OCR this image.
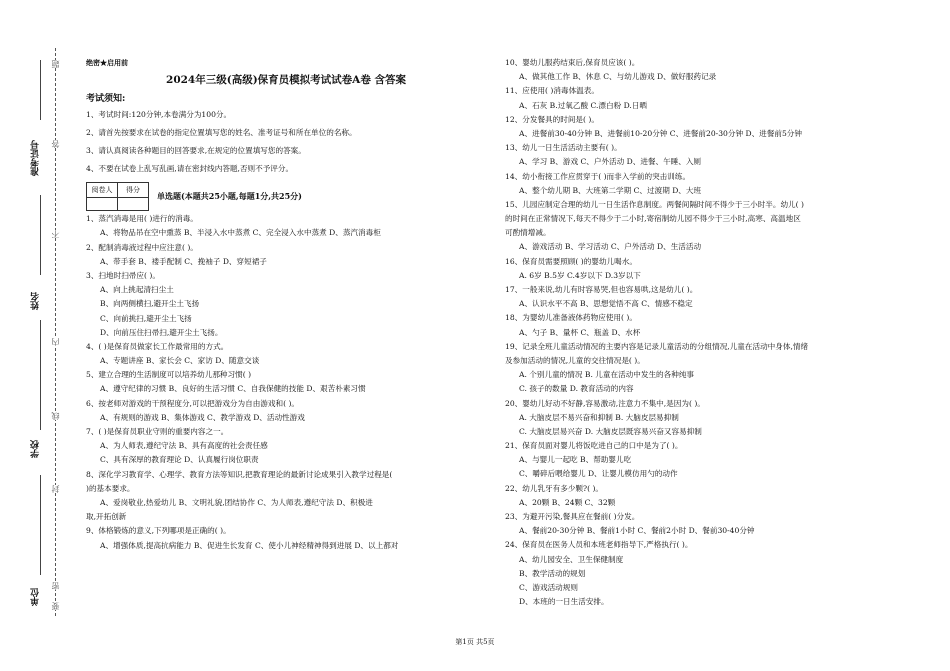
准考证号
姓名
学校
单位
题
答
不
内
线
封
密
要
绝密★启用前
2024年三级(高级)保育员模拟考试试卷A卷 含答案
考试须知:
1、考试时间:120分钟,本卷满分为100分。
2、请首先按要求在试卷的指定位置填写您的姓名、准考证号和所在单位的名称。
3、请认真阅读各种题目的回答要求,在规定的位置填写您的答案。
4、不要在试卷上乱写乱画,请在密封线内答题,否则不予评分。
阅卷人	得分

单选题(本题共25小题,每题1分,共25分)
1、蒸汽消毒是用( )进行的消毒。
A、将物品吊在空中熏蒸 B、半浸入水中蒸煮 C、完全浸入水中蒸煮 D、蒸汽消毒柜
2、配制消毒液过程中应注意( )。
A、带手套 B、褛手配制 C、挽袖子 D、穿短裙子
3、扫地时扫帚应( )。
A、向上挑起清扫尘土
B、向两侧横扫,避开尘土飞扬
C、向前挑扫,避开尘土飞扬
D、向前压住扫帚扫,避开尘土飞扬。
4、( )是保育员做家长工作最常用的方式。
A、专题讲座 B、家长会 C、家访 D、随意交谈
5、建立合理的生活制度可以培养幼儿那种习惯( )
A、遵守纪律的习惯 B、良好的生活习惯 C、自我保健的技能 D、艰苦朴素习惯
6、按老师对游戏的干预程度分,可以把游戏分为自由游戏和( )。
A、有规则的游戏 B、集体游戏 C、教学游戏 D、活动性游戏
7、( )是保育员职业守则的重要内容之一。
A、为人师表,遵纪守法 B、具有高度的社会责任感
C、具有深厚的教育理论 D、认真履行岗位职责
8、深化学习教育学、心理学、教育方法等知识,把教育理论的最新讨论成果引入教学过程是(
)的基本要求。
A、爱岗敬业,热爱幼儿 B、文明礼貌,团结协作 C、为人师表,遵纪守法 D、积极进
取,开拓创新
9、体格锻炼的意义,下列哪项是正确的( )。
A、增强体质,提高抗病能力 B、促进生长发育 C、使小儿神经精神得到进展 D、以上都对
10、婴幼儿服药结束后,保育员应该( )。
A、做其他工作 B、休息 C、与幼儿游戏 D、做好服药记录
11、应使用( )消毒体温表。
A、石灰 B.过氧乙酸 C.漂白粉 D.日晒
12、分发餐具的时间是( )。
A、进餐前30-40分钟 B、进餐前10-20分钟 C、进餐前20-30分钟 D、进餐前5分钟
13、幼儿一日生活活动主要有( )。
A、学习 B、游戏 C、户外活动 D、进餐、午睡、入厕
14、幼小衔接工作应贯穿于( )而非入学前的突击训练。
A、整个幼儿期 B、大班第二学期 C、过渡期 D、大班
15、儿园应制定合理的幼儿一日生活作息制度。两餐间隔时间不得少于三小时半。幼儿( )
的时间在正常情况下,每天不得少于二小时,寄宿制幼儿园不得少于三小时,高寒、高温地区
可酌情增减。
A、游戏活动 B、学习活动 C、户外活动 D、生活活动
16、保育员需要照顾( )的婴幼儿喝水。
A. 6岁 B.5岁 C.4岁以下 D.3岁以下
17、一般来说,幼儿有时容易哭,但也容易哄,这是幼儿( )。
A、认识水平不高 B、思想觉悟不高 C、情感不稳定
18、为婴幼儿准备液体药物应使用( )。
A、勺子 B、量杯 C、瓶盖 D、水杯
19、记录全班儿童活动情况的主要内容是记录儿童活动的分组情况,儿童在活动中身体,情绪
及参加活动的情况,儿童的交往情况是( )。
A. 个别儿童的情况 B. 儿童在活动中发生的各种纯事
C. 孩子的数量 D. 教育活动的内容
20、婴幼儿好动不好静,容易激动,注意力不集中,是因为( )。
A. 大脑皮层不易兴奋和抑制 B. 大脑皮层易抑制
C. 大脑皮层易兴奋 D. 大脑皮层既容易兴奋又容易抑制
21、保育员面对婴儿将饭吃进自己的口中是为了( )。
A、与婴儿一起吃 B、帮助婴儿吃
C、嚼碎后喂给婴儿 D、让婴儿模仿用勺的动作
22、幼儿乳牙有多少颗?( )。
A、20颗 B、24颗 C、32颗
23、为避开污染,餐具应在餐前( )分发。
A、餐前20-30分钟 B、餐前1小时 C、餐前2小时 D、餐前30-40分钟
24、保育员在医务人员和本班老师指导下,严格执行( )。
A、幼儿园安全、卫生保健制度
B、教学活动的规划
C、游戏活动规则
D、本班的一日生活安排。
第1页 共5页
